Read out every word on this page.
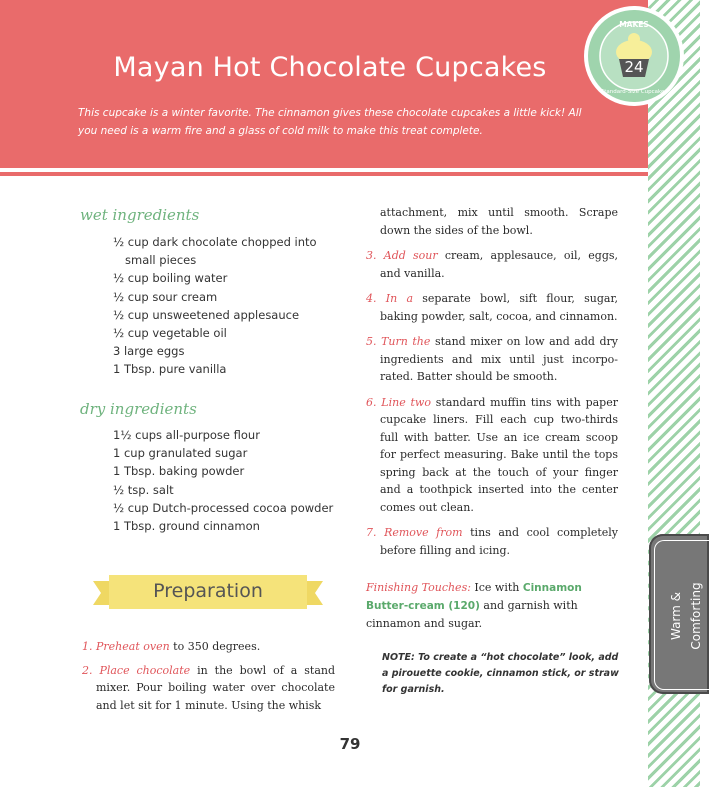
Mayan Hot Chocolate Cupcakes
This cupcake is a winter favorite. The cinnamon gives these chocolate cupcakes a little kick! All you need is a warm fire and a glass of cold milk to make this treat complete.
MAKES
24
Standard-Size Cupcakes
wet ingredients
½ cup dark chocolate chopped into small pieces
½ cup boiling water
½ cup sour cream
½ cup unsweetened applesauce
½ cup vegetable oil
3 large eggs
1 Tbsp. pure vanilla
dry ingredients
1½ cups all-purpose flour
1 cup granulated sugar
1 Tbsp. baking powder
½ tsp. salt
½ cup Dutch-processed cocoa powder
1 Tbsp. ground cinnamon
Preparation
1. Preheat oven to 350 degrees.
2. Place chocolate in the bowl of a stand mixer. Pour boiling water over chocolate and let sit for 1 minute. Using the whisk
attachment, mix until smooth. Scrape down the sides of the bowl.
3. Add sour cream, applesauce, oil, eggs, and vanilla.
4. In a separate bowl, sift flour, sugar, baking powder, salt, cocoa, and cinnamon.
5. Turn the stand mixer on low and add dry ingredients and mix until just incorpo-rated. Batter should be smooth.
6. Line two standard muffin tins with paper cupcake liners. Fill each cup two-thirds full with batter. Use an ice cream scoop for perfect measuring. Bake until the tops spring back at the touch of your finger and a toothpick inserted into the center comes out clean.
7. Remove from tins and cool completely before filling and icing.
Finishing Touches: Ice with Cinnamon Butter-cream (120) and garnish with cinnamon and sugar.
NOTE: To create a “hot chocolate” look, add a pirouette cookie, cinnamon stick, or straw for garnish.
79
Warm & Comforting
